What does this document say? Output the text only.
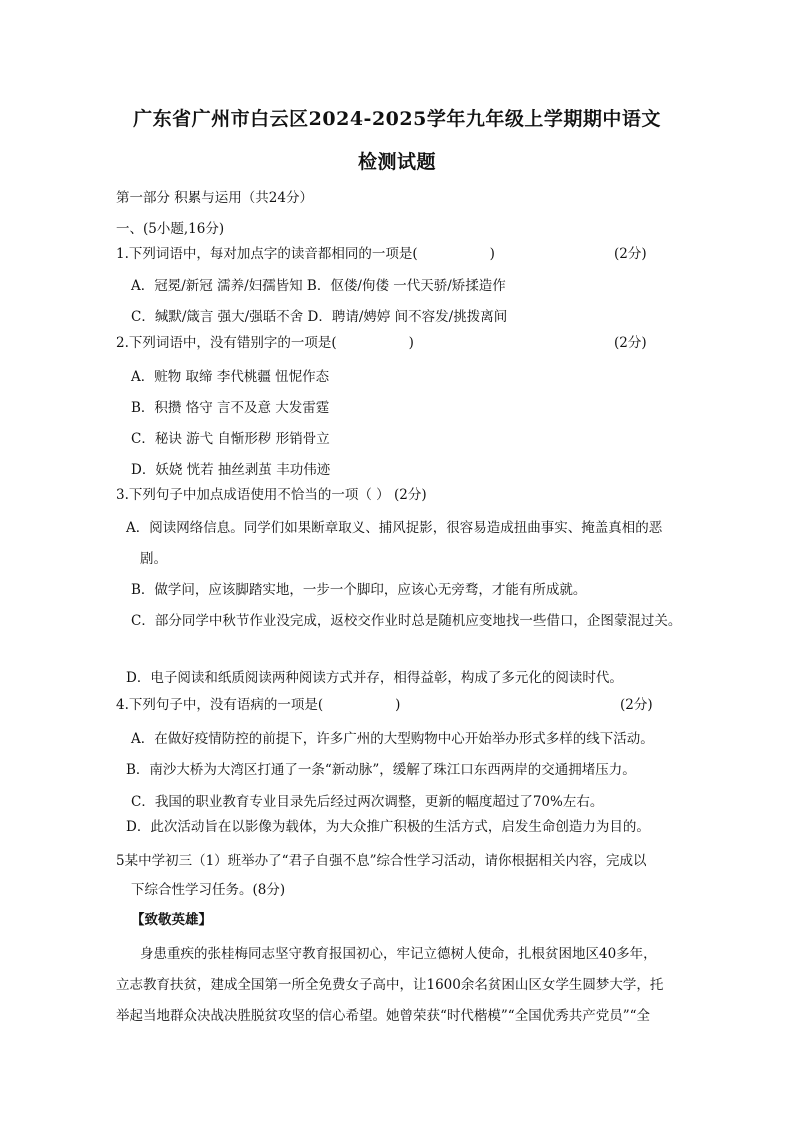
广东省广州市白云区2024-2025学年九年级上学期期中语文
检测试题
第一部分 积累与运用（共24分）
一、(5小题,16分)
1.下列词语中，每对加点字的读音都相同的一项是(	)	(2分)
A．冠冕/新冠 濡养/妇孺皆知 B．伛偻/佝偻 一代天骄/矫揉造作
C．缄默/箴言 强大/强聒不舍 D．聘请/娉婷 间不容发/挑拨离间
2.下列词语中，没有错别字的一项是(	)	(2分)
A．赃物 取缔 李代桃疆 忸怩作态
B．积攒 恪守 言不及意 大发雷霆
C．秘诀 游弋 自惭形秽 形销骨立
D．妖娆 恍若 抽丝剥茧 丰功伟迹
3.下列句子中加点成语使用不恰当的一项（ ） (2分)
A．阅读网络信息。同学们如果断章取义、捕风捉影，很容易造成扭曲事实、掩盖真相的恶
剧。
B．做学问，应该脚踏实地，一步一个脚印，应该心无旁骛，才能有所成就。
C．部分同学中秋节作业没完成，返校交作业时总是随机应变地找一些借口，企图蒙混过关。
D．电子阅读和纸质阅读两种阅读方式并存，相得益彰，构成了多元化的阅读时代。
4.下列句子中，没有语病的一项是(	)	(2分)
A．在做好疫情防控的前提下，许多广州的大型购物中心开始举办形式多样的线下活动。
B．南沙大桥为大湾区打通了一条“新动脉”，缓解了珠江口东西两岸的交通拥堵压力。
C．我国的职业教育专业目录先后经过两次调整，更新的幅度超过了70%左右。
D．此次活动旨在以影像为载体，为大众推广积极的生活方式，启发生命创造力为目的。
5某中学初三（1）班举办了“君子自强不息”综合性学习活动，请你根据相关内容，完成以
下综合性学习任务。(8分)
【致敬英雄】
身患重疾的张桂梅同志坚守教育报国初心，牢记立德树人使命，扎根贫困地区40多年，
立志教育扶贫，建成全国第一所全免费女子高中，让1600余名贫困山区女学生圆梦大学，托
举起当地群众决战决胜脱贫攻坚的信心希望。她曾荣获“时代楷模”“全国优秀共产党员”“全
